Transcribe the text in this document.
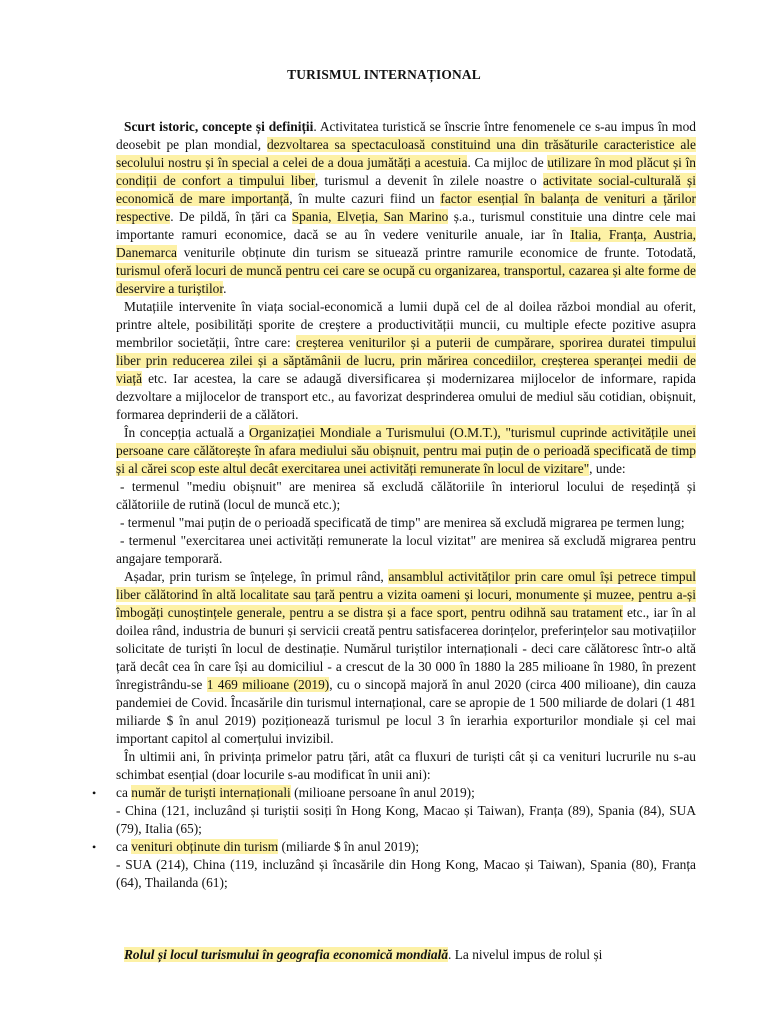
TURISMUL INTERNAȚIONAL

Scurt istoric, concepte și definiții. Activitatea turistică se înscrie între fenomenele ce s-au impus în mod deosebit pe plan mondial, dezvoltarea sa spectaculoasă constituind una din trăsăturile caracteristice ale secolului nostru și în special a celei de a doua jumătăți a acestuia. Ca mijloc de utilizare în mod plăcut și în condiții de confort a timpului liber, turismul a devenit în zilele noastre o activitate social-culturală și economică de mare importanță, în multe cazuri fiind un factor esențial în balanța de venituri a țărilor respective. De pildă, în țări ca Spania, Elveția, San Marino ș.a., turismul constituie una dintre cele mai importante ramuri economice, dacă se au în vedere veniturile anuale, iar în Italia, Franța, Austria, Danemarca veniturile obținute din turism se situează printre ramurile economice de frunte. Totodată, turismul oferă locuri de muncă pentru cei care se ocupă cu organizarea, transportul, cazarea și alte forme de deservire a turiștilor.

Mutațiile intervenite în viața social-economică a lumii după cel de al doilea război mondial au oferit, printre altele, posibilități sporite de creștere a productivității muncii, cu multiple efecte pozitive asupra membrilor societății, între care: creșterea veniturilor și a puterii de cumpărare, sporirea duratei timpului liber prin reducerea zilei și a săptămânii de lucru, prin mărirea concediilor, creșterea speranței medii de viață etc. Iar acestea, la care se adaugă diversificarea și modernizarea mijlocelor de informare, rapida dezvoltare a mijlocelor de transport etc., au favorizat desprinderea omului de mediul său cotidian, obișnuit, formarea deprinderii de a călători.

În concepția actuală a Organizației Mondiale a Turismului (O.M.T.), "turismul cuprinde activitățile unei persoane care călătorește în afara mediului său obișnuit, pentru mai puțin de o perioadă specificată de timp și al cărei scop este altul decât exercitarea unei activități remunerate în locul de vizitare", unde:

- termenul "mediu obișnuit" are menirea să excludă călătoriile în interiorul locului de reședință și călătoriile de rutină (locul de muncă etc.);

- termenul "mai puțin de o perioadă specificată de timp" are menirea să excludă migrarea pe termen lung;

- termenul "exercitarea unei activități remunerate la locul vizitat" are menirea să excludă migrarea pentru angajare temporară.

Așadar, prin turism se înțelege, în primul rând, ansamblul activităților prin care omul își petrece timpul liber călătorind în altă localitate sau țară pentru a vizita oameni și locuri, monumente și muzee, pentru a-și îmbogăți cunoștințele generale, pentru a se distra și a face sport, pentru odihnă sau tratament etc., iar în al doilea rând, industria de bunuri și servicii creată pentru satisfacerea dorințelor, preferințelor sau motivațiilor solicitate de turiști în locul de destinație. Numărul turiștilor internaționali - deci care călătoresc într-o altă țară decât cea în care își au domiciliul - a crescut de la 30 000 în 1880 la 285 milioane în 1980, în prezent înregistrându-se 1 469 milioane (2019), cu o sincopă majoră în anul 2020 (circa 400 milioane), din cauza pandemiei de Covid. Încasările din turismul internațional, care se apropie de 1 500 miliarde de dolari (1 481 miliarde $ în anul 2019) poziționează turismul pe locul 3 în ierarhia exporturilor mondiale și cel mai important capitol al comerțului invizibil.

În ultimii ani, în privința primelor patru țări, atât ca fluxuri de turiști cât și ca venituri lucrurile nu s-au schimbat esențial (doar locurile s-au modificat în unii ani):

• ca număr de turiști internaționali (milioane persoane în anul 2019);

- China (121, incluzând și turiștii sosiți în Hong Kong, Macao și Taiwan), Franța (89), Spania (84), SUA (79), Italia (65);

• ca venituri obținute din turism (miliarde $ în anul 2019);

- SUA (214), China (119, incluzând și încasările din Hong Kong, Macao și Taiwan), Spania (80), Franța (64), Thailanda (61);

Rolul și locul turismului în geografia economică mondială. La nivelul impus de rolul și
